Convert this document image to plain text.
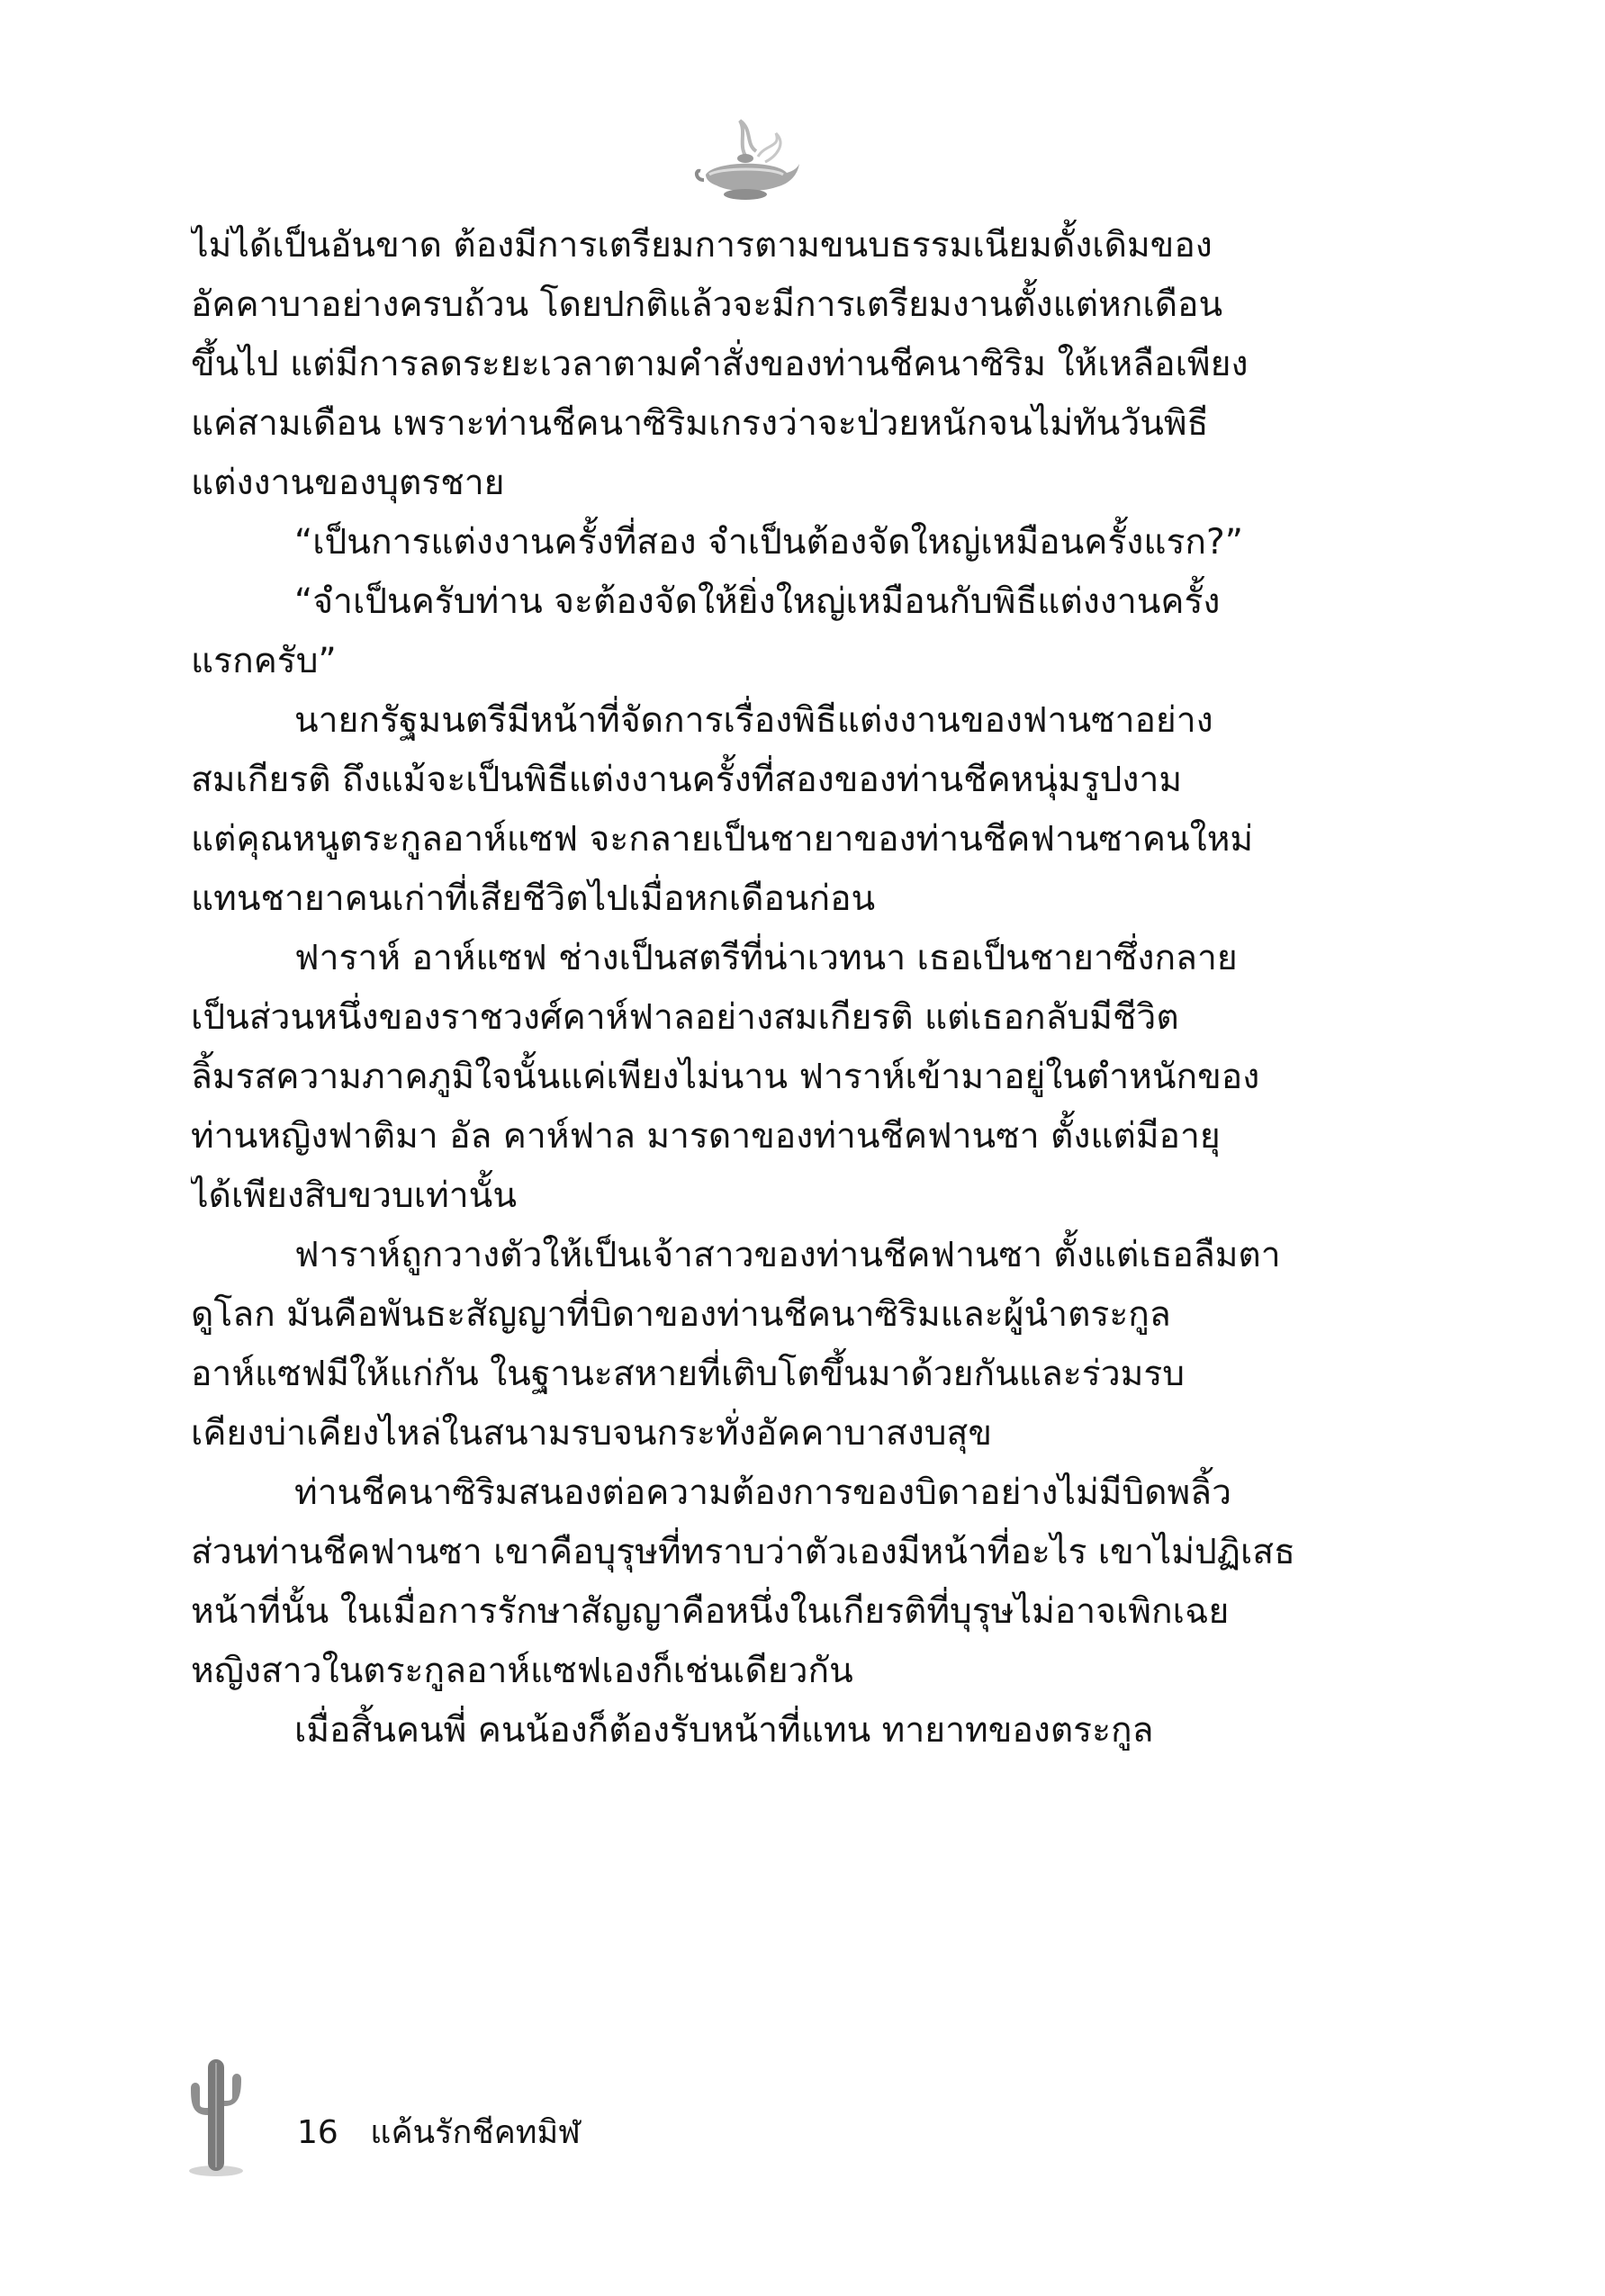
ไม่ได้เป็นอันขาด ต้องมีการเตรียมการตามขนบธรรมเนียมดั้งเดิมของ
อัคคาบาอย่างครบถ้วน โดยปกติแล้วจะมีการเตรียมงานตั้งแต่หกเดือน
ขึ้นไป แต่มีการลดระยะเวลาตามคำสั่งของท่านชีคนาซิริม ให้เหลือเพียง
แค่สามเดือน เพราะท่านชีคนาซิริมเกรงว่าจะป่วยหนักจนไม่ทันวันพิธี
แต่งงานของบุตรชาย
“เป็นการแต่งงานครั้งที่สอง จำเป็นต้องจัดใหญ่เหมือนครั้งแรก?”
“จำเป็นครับท่าน จะต้องจัดให้ยิ่งใหญ่เหมือนกับพิธีแต่งงานครั้ง
แรกครับ”
นายกรัฐมนตรีมีหน้าที่จัดการเรื่องพิธีแต่งงานของฟานซาอย่าง
สมเกียรติ ถึงแม้จะเป็นพิธีแต่งงานครั้งที่สองของท่านชีคหนุ่มรูปงาม
แต่คุณหนูตระกูลอาห์แซฟ จะกลายเป็นชายาของท่านชีคฟานซาคนใหม่
แทนชายาคนเก่าที่เสียชีวิตไปเมื่อหกเดือนก่อน
ฟาราห์ อาห์แซฟ ช่างเป็นสตรีที่น่าเวทนา เธอเป็นชายาซึ่งกลาย
เป็นส่วนหนึ่งของราชวงศ์คาห์ฟาลอย่างสมเกียรติ แต่เธอกลับมีชีวิต
ลิ้มรสความภาคภูมิใจนั้นแค่เพียงไม่นาน ฟาราห์เข้ามาอยู่ในตำหนักของ
ท่านหญิงฟาติมา อัล คาห์ฟาล มารดาของท่านชีคฟานซา ตั้งแต่มีอายุ
ได้เพียงสิบขวบเท่านั้น
ฟาราห์ถูกวางตัวให้เป็นเจ้าสาวของท่านชีคฟานซา ตั้งแต่เธอลืมตา
ดูโลก มันคือพันธะสัญญาที่บิดาของท่านชีคนาซิริมและผู้นำตระกูล
อาห์แซฟมีให้แก่กัน ในฐานะสหายที่เติบโตขึ้นมาด้วยกันและร่วมรบ
เคียงบ่าเคียงไหล่ในสนามรบจนกระทั่งอัคคาบาสงบสุข
ท่านชีคนาซิริมสนองต่อความต้องการของบิดาอย่างไม่มีบิดพลิ้ว
ส่วนท่านชีคฟานซา เขาคือบุรุษที่ทราบว่าตัวเองมีหน้าที่อะไร เขาไม่ปฏิเสธ
หน้าที่นั้น ในเมื่อการรักษาสัญญาคือหนึ่งในเกียรติที่บุรุษไม่อาจเพิกเฉย
หญิงสาวในตระกูลอาห์แซฟเองก็เช่นเดียวกัน
เมื่อสิ้นคนพี่ คนน้องก็ต้องรับหน้าที่แทน ทายาทของตระกูล
16 แค้นรักชีคทมิฬ
